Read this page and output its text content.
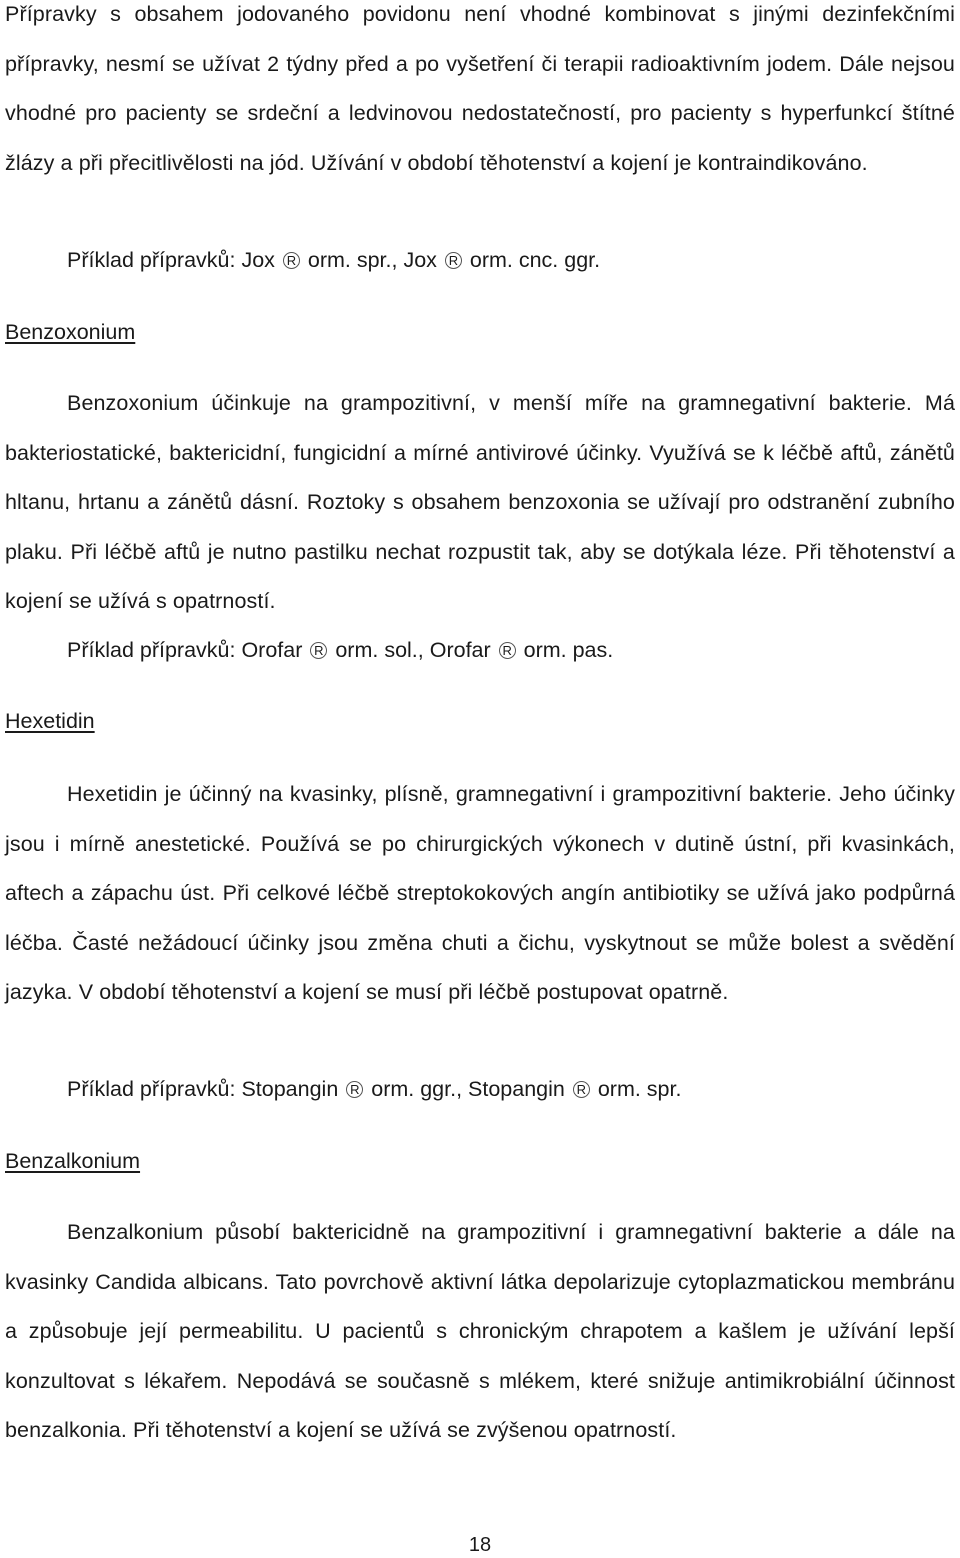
Přípravky s obsahem jodovaného povidonu není vhodné kombinovat s jinými dezinfekčními přípravky, nesmí se užívat 2 týdny před a po vyšetření či terapii radioaktivním jodem. Dále nejsou vhodné pro pacienty se srdeční a ledvinovou nedostatečností, pro pacienty s hyperfunkcí štítné žlázy a při přecitlivělosti na jód. Užívání v období těhotenství a kojení je kontraindikováno.

Příklad přípravků: Jox R orm. spr., Jox R orm. cnc. ggr.
Benzoxonium

Benzoxonium účinkuje na grampozitivní, v menší míře na gramnegativní bakterie. Má bakteriostatické, baktericidní, fungicidní a mírné antivirové účinky. Využívá se k léčbě aftů, zánětů hltanu, hrtanu a zánětů dásní. Roztoky s obsahem benzoxonia se užívají pro odstranění zubního plaku. Při léčbě aftů je nutno pastilku nechat rozpustit tak, aby se dotýkala léze. Při těhotenství a kojení se užívá s opatrností.

Příklad přípravků: Orofar R orm. sol., Orofar R orm. pas.
Hexetidin

Hexetidin je účinný na kvasinky, plísně, gramnegativní i grampozitivní bakterie. Jeho účinky jsou i mírně anestetické. Používá se po chirurgických výkonech v dutině ústní, při kvasinkách, aftech a zápachu úst. Při celkové léčbě streptokokových angín antibiotiky se užívá jako podpůrná léčba. Časté nežádoucí účinky jsou změna chuti a čichu, vyskytnout se může bolest a svědění jazyka. V období těhotenství a kojení se musí při léčbě postupovat opatrně.

Příklad přípravků: Stopangin R orm. ggr., Stopangin R orm. spr.
Benzalkonium

Benzalkonium působí baktericidně na grampozitivní i gramnegativní bakterie a dále na kvasinky Candida albicans. Tato povrchově aktivní látka depolarizuje cytoplazmatickou membránu a způsobuje její permeabilitu. U pacientů s chronickým chrapotem a kašlem je užívání lepší konzultovat s lékařem. Nepodává se současně s mlékem, které snižuje antimikrobiální účinnost benzalkonia. Při těhotenství a kojení se užívá se zvýšenou opatrností.

18
